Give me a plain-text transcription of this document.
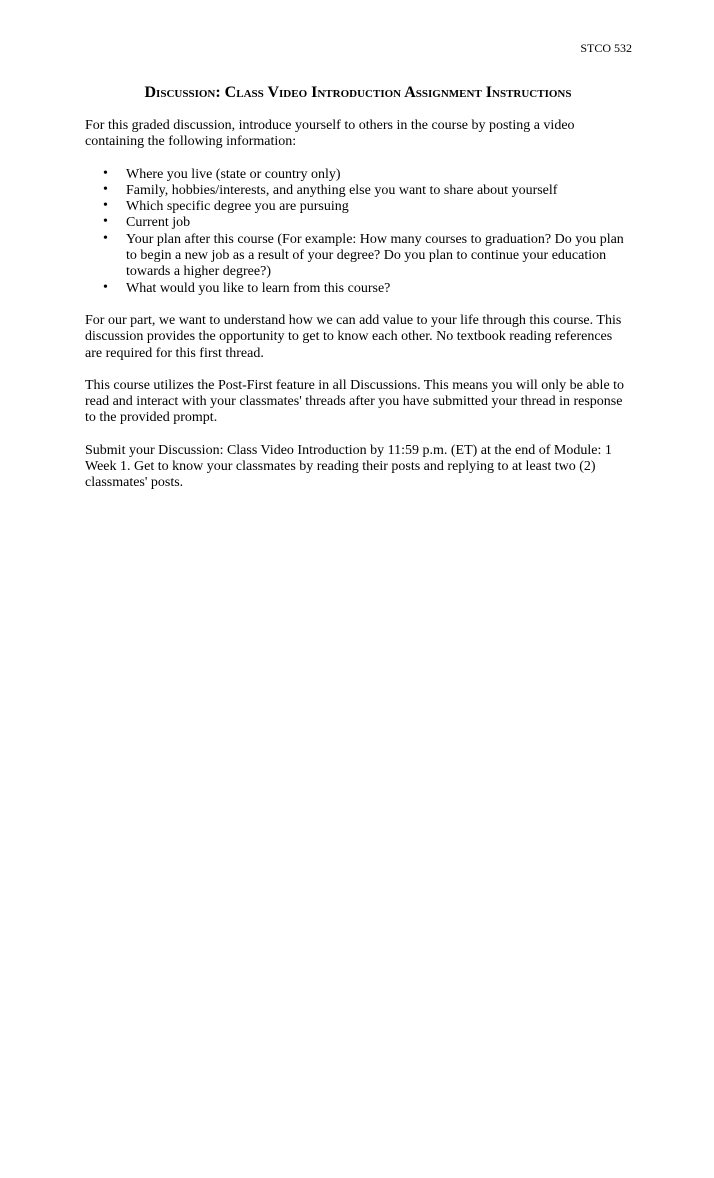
STCO 532
Discussion: Class Video Introduction Assignment Instructions

For this graded discussion, introduce yourself to others in the course by posting a video containing the following information:

• Where you live (state or country only)
• Family, hobbies/interests, and anything else you want to share about yourself
• Which specific degree you are pursuing
• Current job
• Your plan after this course (For example: How many courses to graduation? Do you plan to begin a new job as a result of your degree? Do you plan to continue your education towards a higher degree?)
• What would you like to learn from this course?

For our part, we want to understand how we can add value to your life through this course. This discussion provides the opportunity to get to know each other. No textbook reading references are required for this first thread.

This course utilizes the Post-First feature in all Discussions. This means you will only be able to read and interact with your classmates' threads after you have submitted your thread in response to the provided prompt.

Submit your Discussion: Class Video Introduction by 11:59 p.m. (ET) at the end of Module: 1 Week 1. Get to know your classmates by reading their posts and replying to at least two (2) classmates' posts.
